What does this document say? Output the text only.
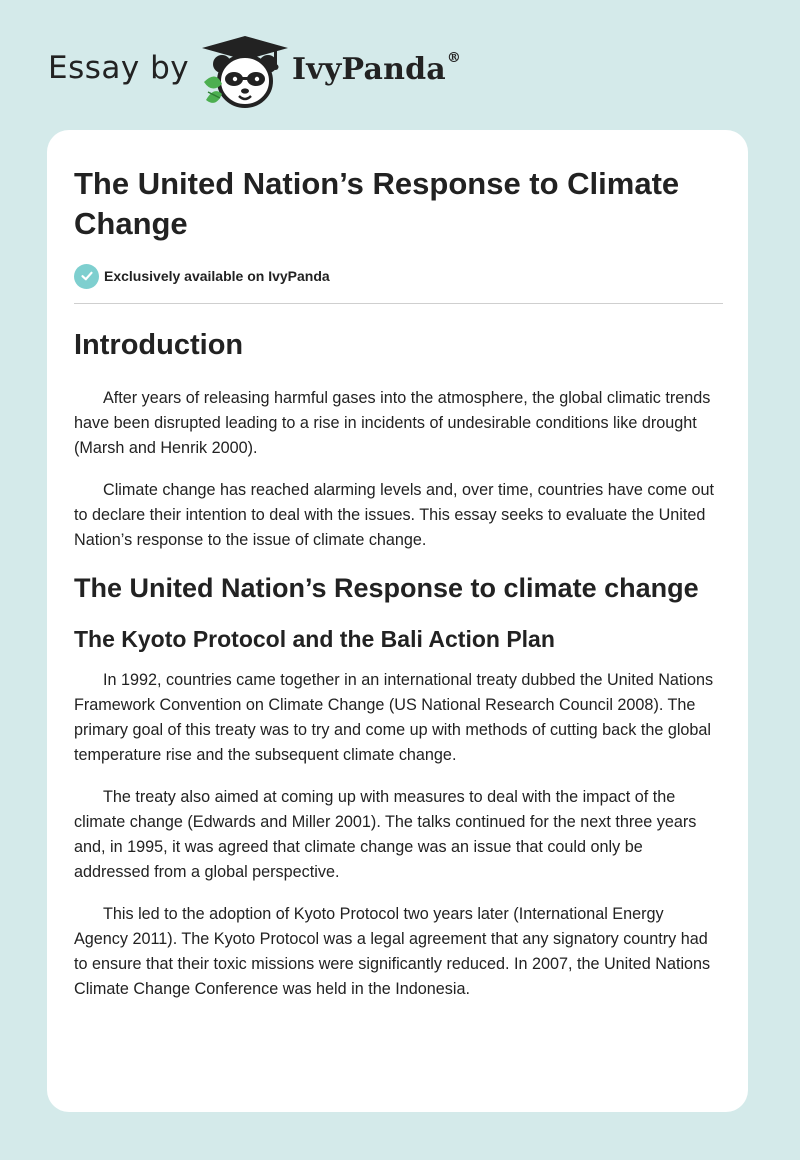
Essay by	IvyPanda®
The United Nation’s Response to Climate Change
Exclusively available on IvyPanda
Introduction

After years of releasing harmful gases into the atmosphere, the global climatic trends have been disrupted leading to a rise in incidents of undesirable conditions like drought (Marsh and Henrik 2000).

Climate change has reached alarming levels and, over time, countries have come out to declare their intention to deal with the issues. This essay seeks to evaluate the United Nation’s response to the issue of climate change.

The United Nation’s Response to climate change
The Kyoto Protocol and the Bali Action Plan

In 1992, countries came together in an international treaty dubbed the United Nations Framework Convention on Climate Change (US National Research Council 2008). The primary goal of this treaty was to try and come up with methods of cutting back the global temperature rise and the subsequent climate change.

The treaty also aimed at coming up with measures to deal with the impact of the climate change (Edwards and Miller 2001). The talks continued for the next three years and, in 1995, it was agreed that climate change was an issue that could only be addressed from a global perspective.

This led to the adoption of Kyoto Protocol two years later (International Energy Agency 2011). The Kyoto Protocol was a legal agreement that any signatory country had to ensure that their toxic missions were significantly reduced. In 2007, the United Nations Climate Change Conference was held in the Indonesia.
